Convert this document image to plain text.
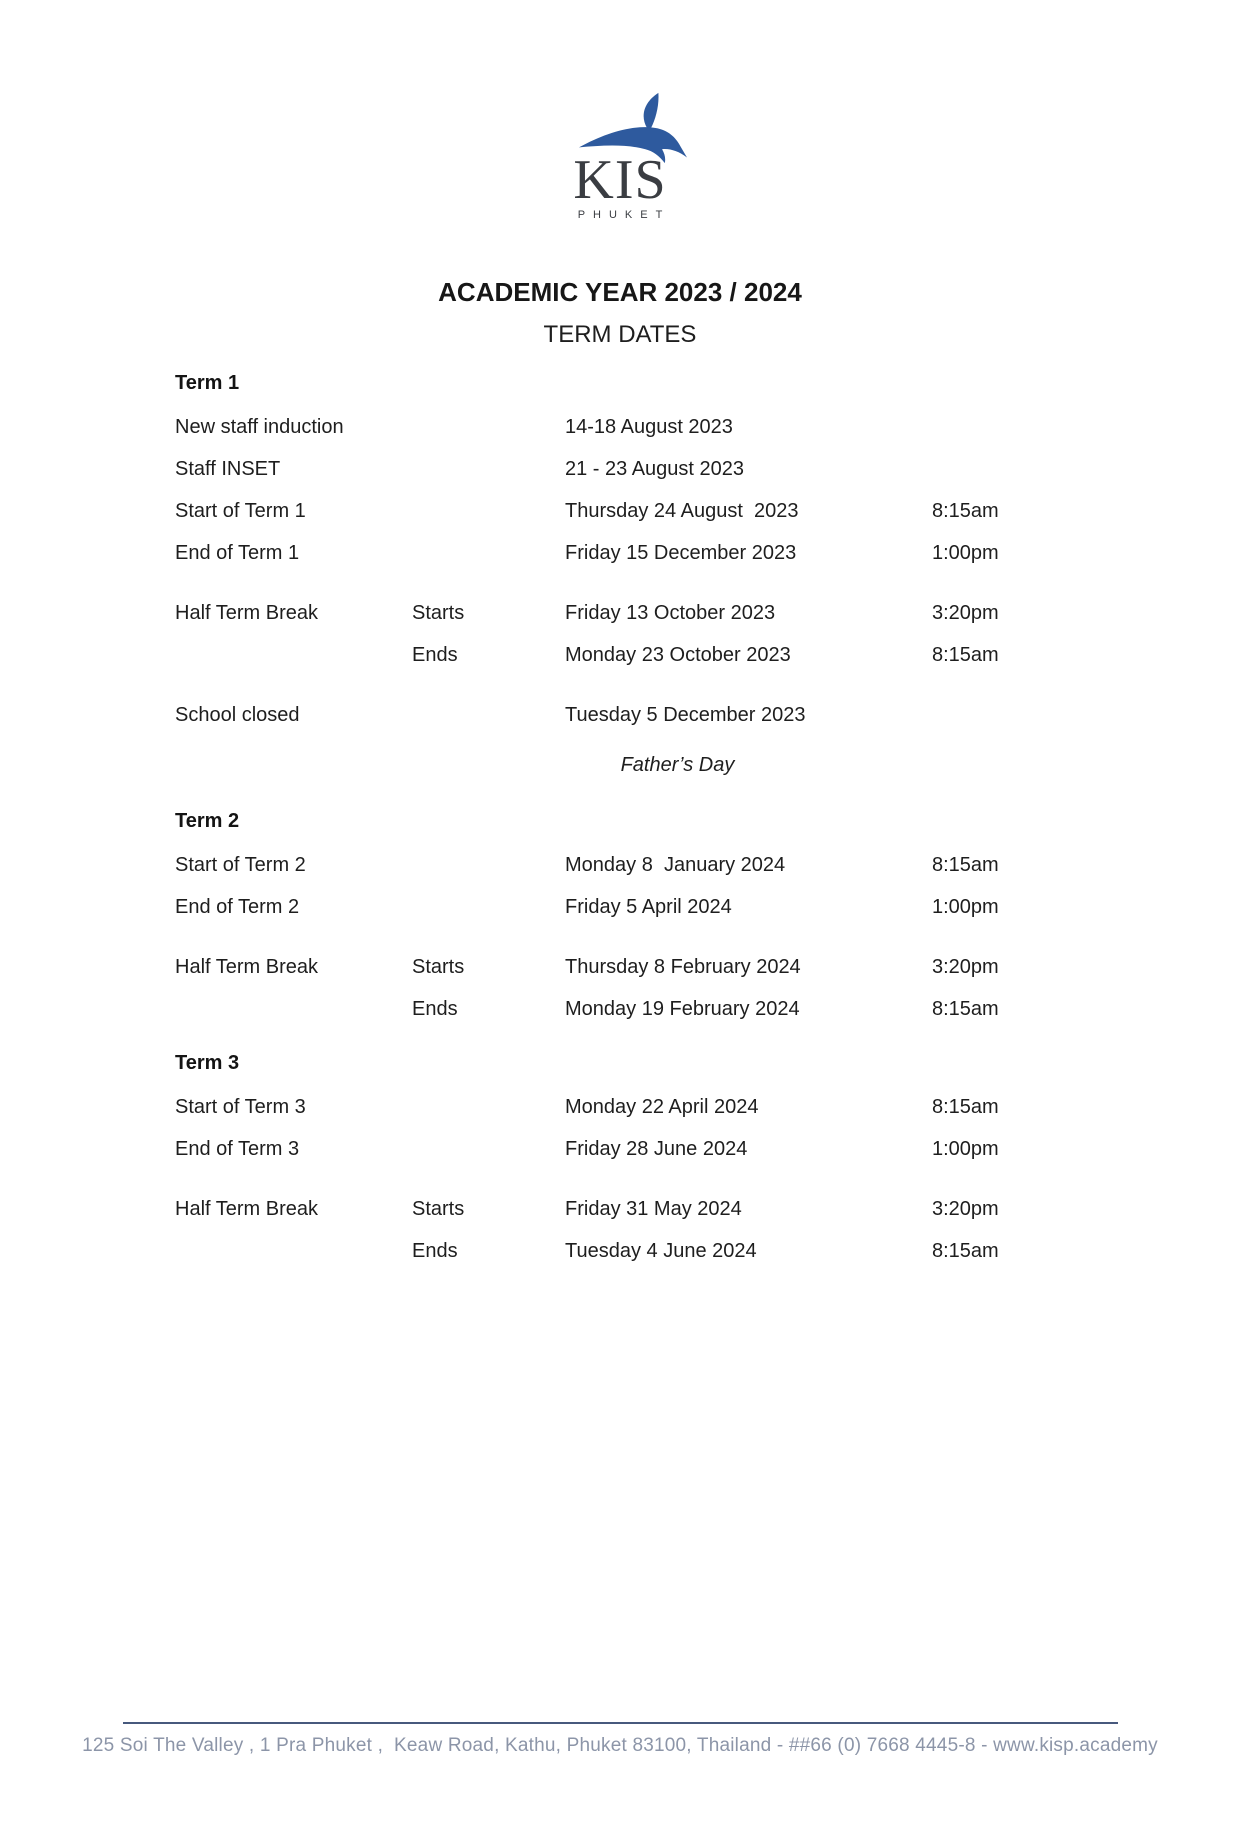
KIS
PHUKET
ACADEMIC YEAR 2023 / 2024
TERM DATES
Term 1
New staff induction	14-18 August 2023
Staff INSET	21 - 23 August 2023
Start of Term 1	Thursday 24 August  2023	8:15am
End of Term 1	Friday 15 December 2023	1:00pm
Half Term Break	Starts	Friday 13 October 2023	3:20pm
Ends	Monday 23 October 2023	8:15am
School closed	Tuesday 5 December 2023

Father’s Day
Term 2
Start of Term 2	Monday 8  January 2024	8:15am
End of Term 2	Friday 5 April 2024	1:00pm
Half Term Break	Starts	Thursday 8 February 2024	3:20pm
Ends	Monday 19 February 2024	8:15am
Term 3
Start of Term 3	Monday 22 April 2024	8:15am
End of Term 3	Friday 28 June 2024	1:00pm
Half Term Break	Starts	Friday 31 May 2024	3:20pm
Ends	Tuesday 4 June 2024	8:15am
125 Soi The Valley , 1 Pra Phuket ,  Keaw Road, Kathu, Phuket 83100, Thailand - ##66 (0) 7668 4445-8 - www.kisp.academy
